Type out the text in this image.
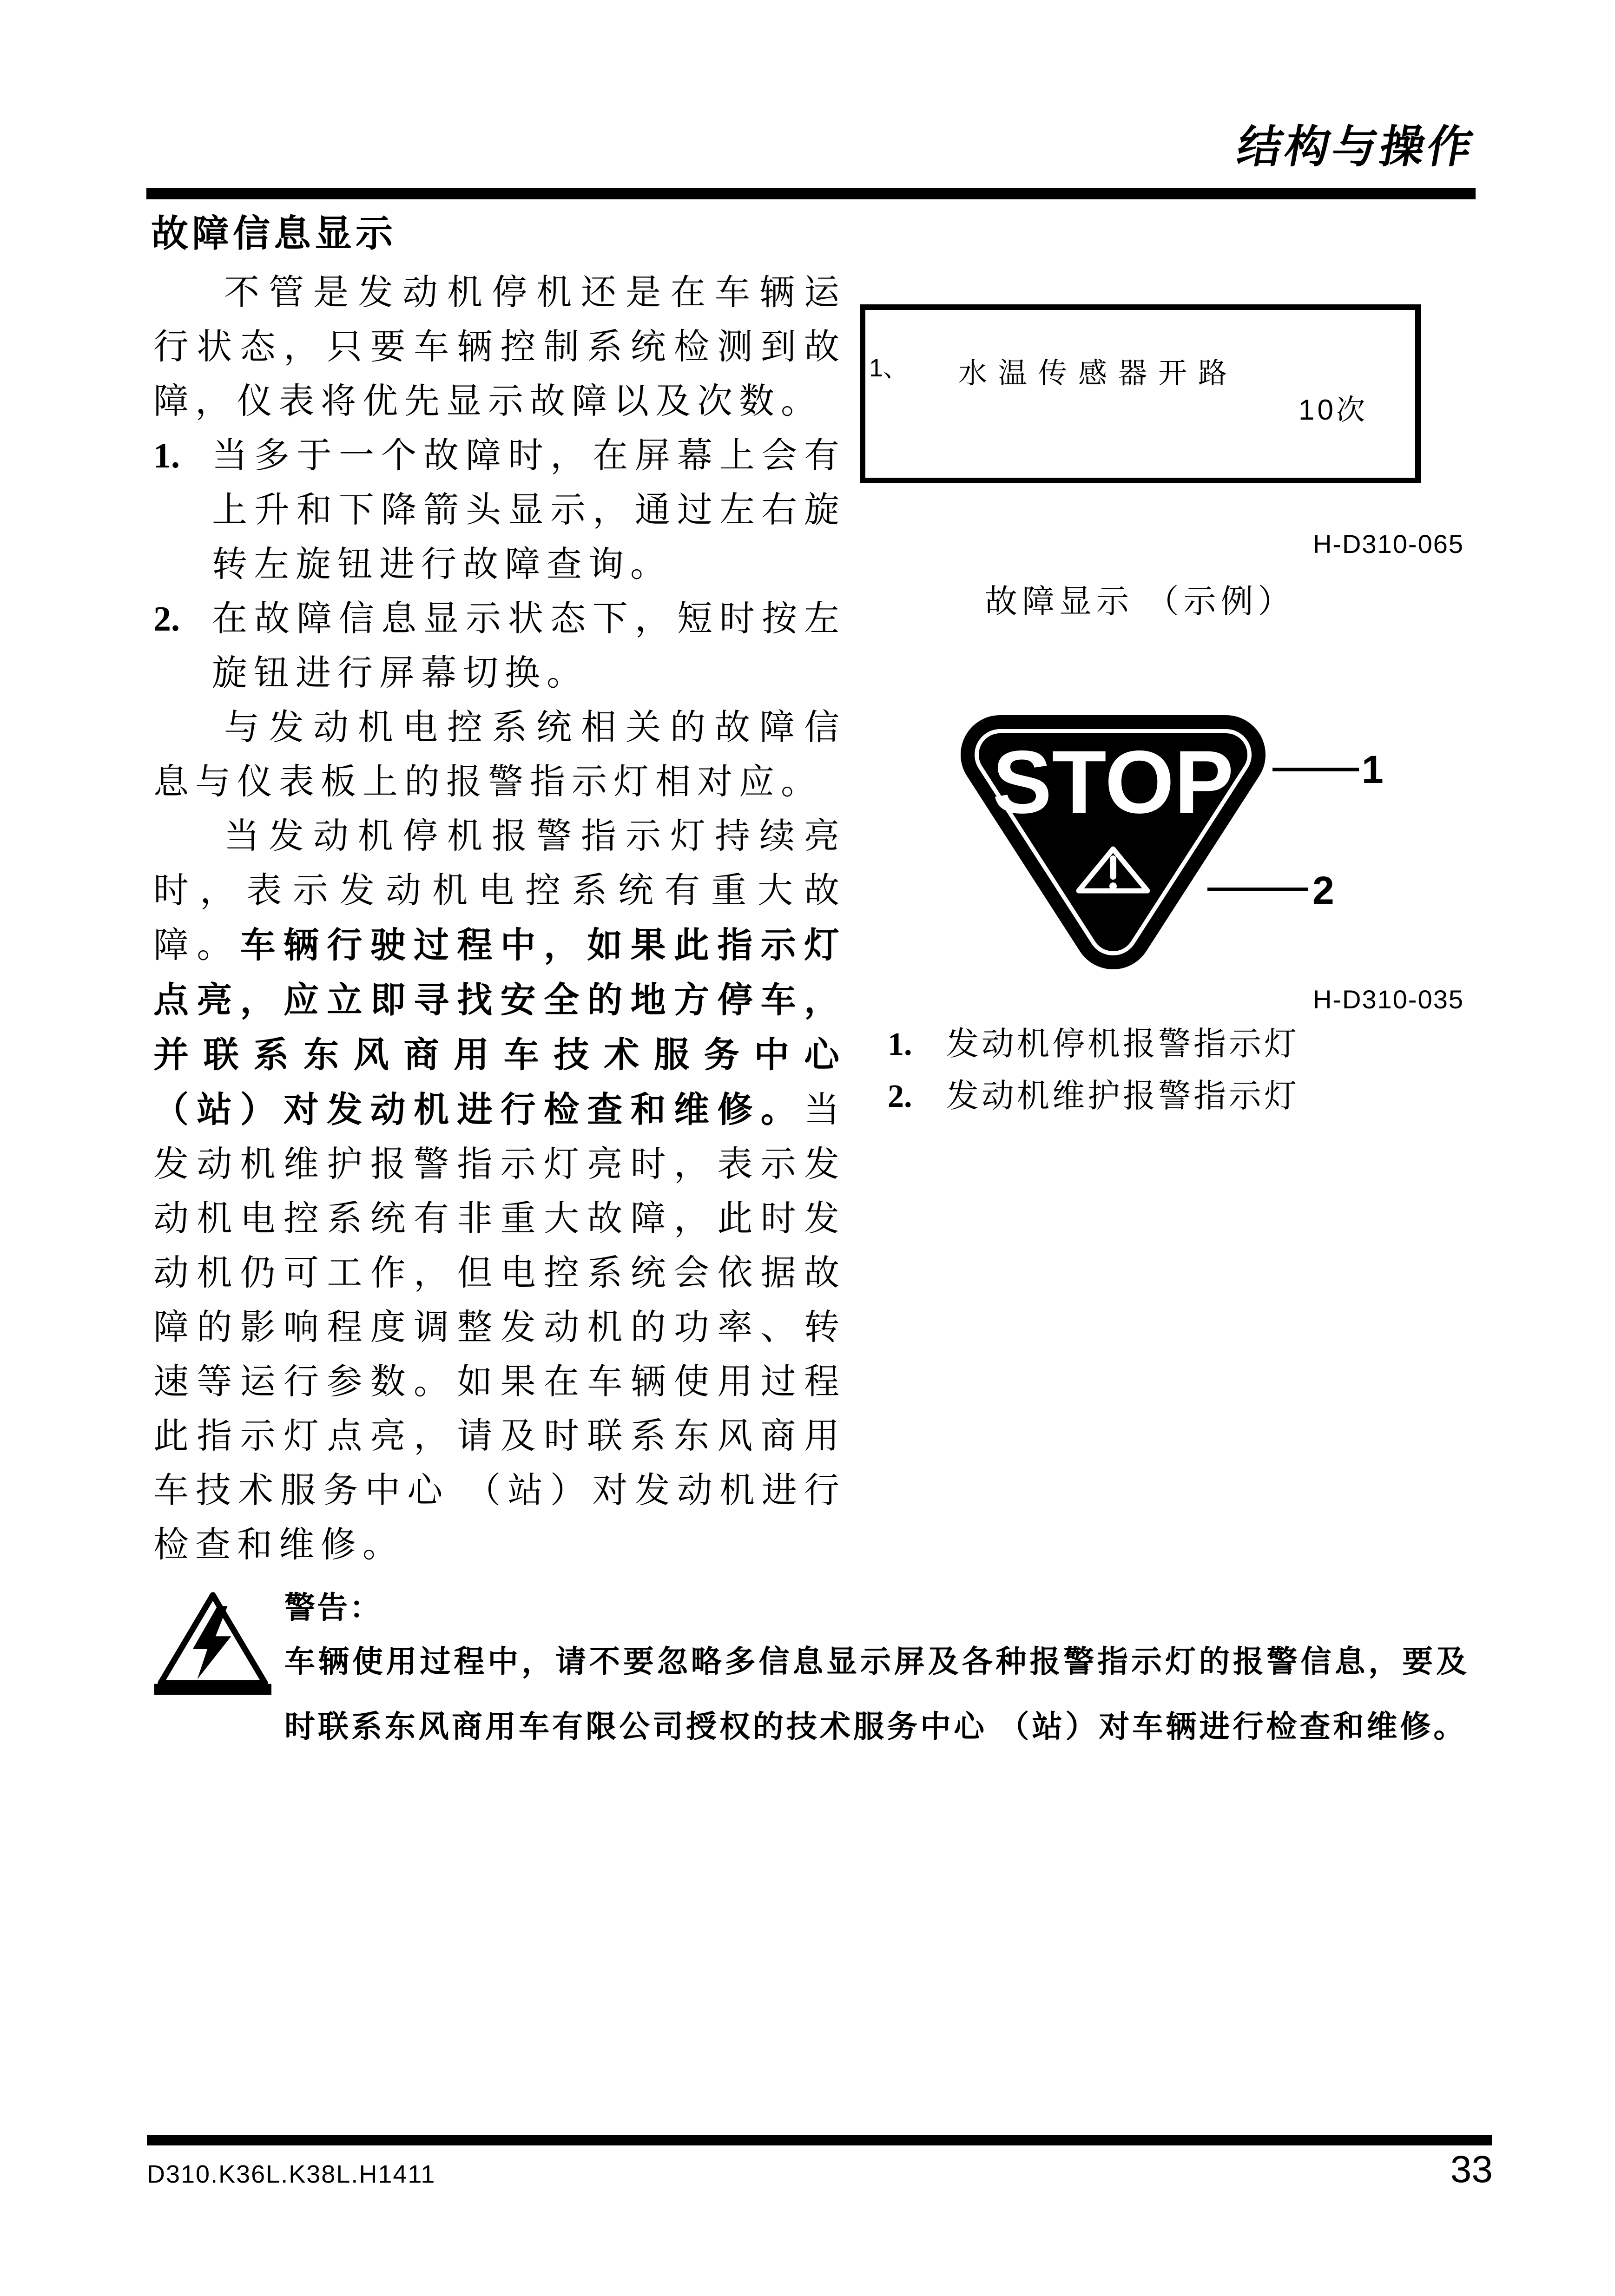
结构与操作
故障信息显示

不管是发动机停机还是在车辆运行状态，只要车辆控制系统检测到故障，仪表将优先显示故障以及次数。

1. 当多于一个故障时，在屏幕上会有上升和下降箭头显示，通过左右旋转左旋钮进行故障查询。
2. 在故障信息显示状态下，短时按左旋钮进行屏幕切换。

与发动机电控系统相关的故障信息与仪表板上的报警指示灯相对应。

当发动机停机报警指示灯持续亮时，表示发动机电控系统有重大故障。车辆行驶过程中，如果此指示灯点亮，应立即寻找安全的地方停车，并联系东风商用车技术服务中心（站）对发动机进行检查和维修。当发动机维护报警指示灯亮时，表示发动机电控系统有非重大故障，此时发动机仍可工作，但电控系统会依据故障的影响程度调整发动机的功率、转速等运行参数。如果在车辆使用过程此指示灯点亮，请及时联系东风商用车技术服务中心 （站）对发动机进行检查和维修。

1、 水温传感器开路
10次
H-D310-065
故障显示 （示例）
STOP	1
2
H-D310-035
1.	发动机停机报警指示灯
2.	发动机维护报警指示灯
警告：
车辆使用过程中，请不要忽略多信息显示屏及各种报警指示灯的报警信息，要及时联系东风商用车有限公司授权的技术服务中心 （站）对车辆进行检查和维修。
D310.K36L.K38L.H1411	33
